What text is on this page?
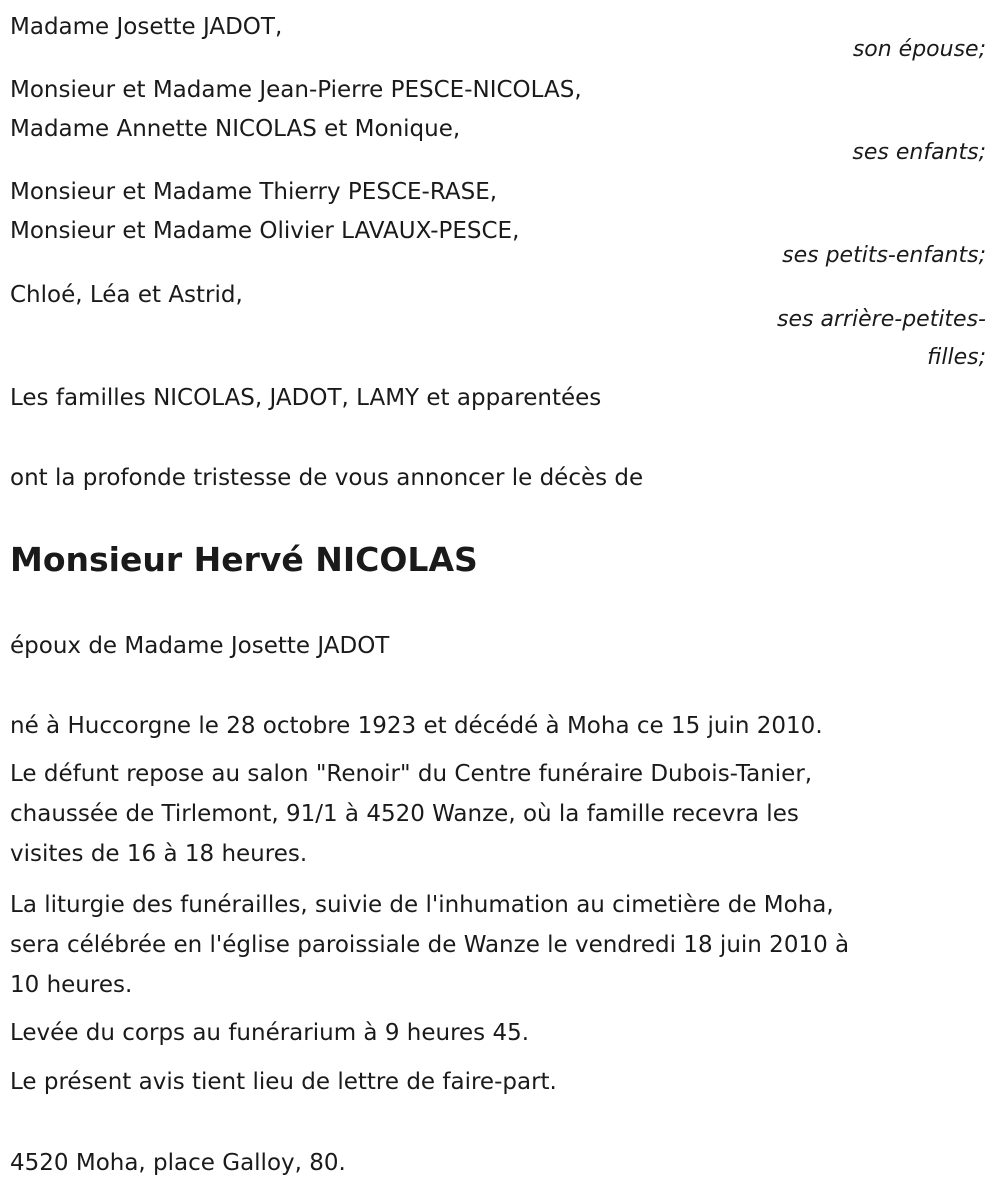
Madame Josette JADOT,
son épouse;
Monsieur et Madame Jean-Pierre PESCE-NICOLAS,
Madame Annette NICOLAS et Monique,
ses enfants;
Monsieur et Madame Thierry PESCE-RASE,
Monsieur et Madame Olivier LAVAUX-PESCE,
ses petits-enfants;
Chloé, Léa et Astrid,
ses arrière-petites-
filles;
Les familles NICOLAS, JADOT, LAMY et apparentées
ont la profonde tristesse de vous annoncer le décès de
Monsieur Hervé NICOLAS
époux de Madame Josette JADOT
né à Huccorgne le 28 octobre 1923 et décédé à Moha ce 15 juin 2010.
Le défunt repose au salon "Renoir" du Centre funéraire Dubois-Tanier,
chaussée de Tirlemont, 91/1 à 4520 Wanze, où la famille recevra les
visites de 16 à 18 heures.
La liturgie des funérailles, suivie de l'inhumation au cimetière de Moha,
sera célébrée en l'église paroissiale de Wanze le vendredi 18 juin 2010 à
10 heures.
Levée du corps au funérarium à 9 heures 45.
Le présent avis tient lieu de lettre de faire-part.
4520 Moha, place Galloy, 80.
